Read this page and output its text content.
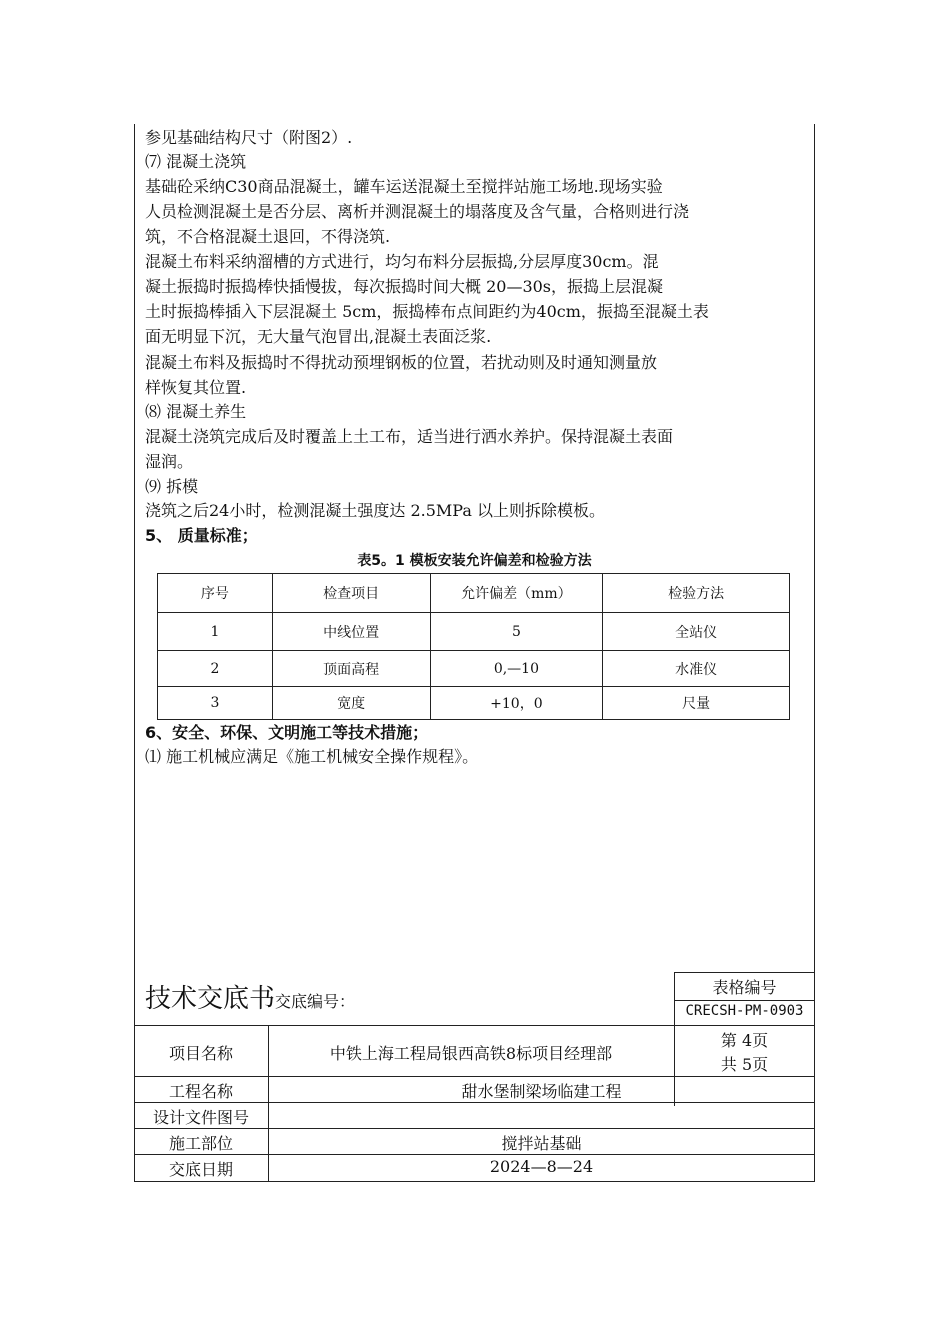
参见基础结构尺寸（附图2）.
⑺ 混凝土浇筑
基础砼采纳C30商品混凝土，罐车运送混凝土至搅拌站施工场地.现场实验
人员检测混凝土是否分层、离析并测混凝土的塌落度及含气量，合格则进行浇
筑，不合格混凝土退回，不得浇筑.
混凝土布料采纳溜槽的方式进行，均匀布料分层振捣,分层厚度30cm。混
凝土振捣时振捣棒快插慢拔，每次振捣时间大概 20—30s，振捣上层混凝
土时振捣棒插入下层混凝土 5cm，振捣棒布点间距约为40cm，振捣至混凝土表
面无明显下沉，无大量气泡冒出,混凝土表面泛浆.
混凝土布料及振捣时不得扰动预埋钢板的位置，若扰动则及时通知测量放
样恢复其位置.
⑻ 混凝土养生
混凝土浇筑完成后及时覆盖上土工布，适当进行洒水养护。保持混凝土表面
湿润。
⑼ 拆模
浇筑之后24小时，检测混凝土强度达 2.5MPa 以上则拆除模板。
5、 质量标准；
表5。1 模板安装允许偏差和检验方法
序号	检查项目	允许偏差（mm）	检验方法
1	中线位置	5	全站仪
2	顶面高程	0,—10	水准仪
3	宽度	+10，0	尺量
6、安全、环保、文明施工等技术措施；
⑴ 施工机械应满足《施工机械安全操作规程》。
技术交底书交底编号：
表格编号
CRECSH-PM-0903
项目名称	中铁上海工程局银西高铁8标项目经理部
第 4页
共 5页
工程名称	甜水堡制梁场临建工程
设计文件图号
施工部位	搅拌站基础
交底日期	2024—8—24
